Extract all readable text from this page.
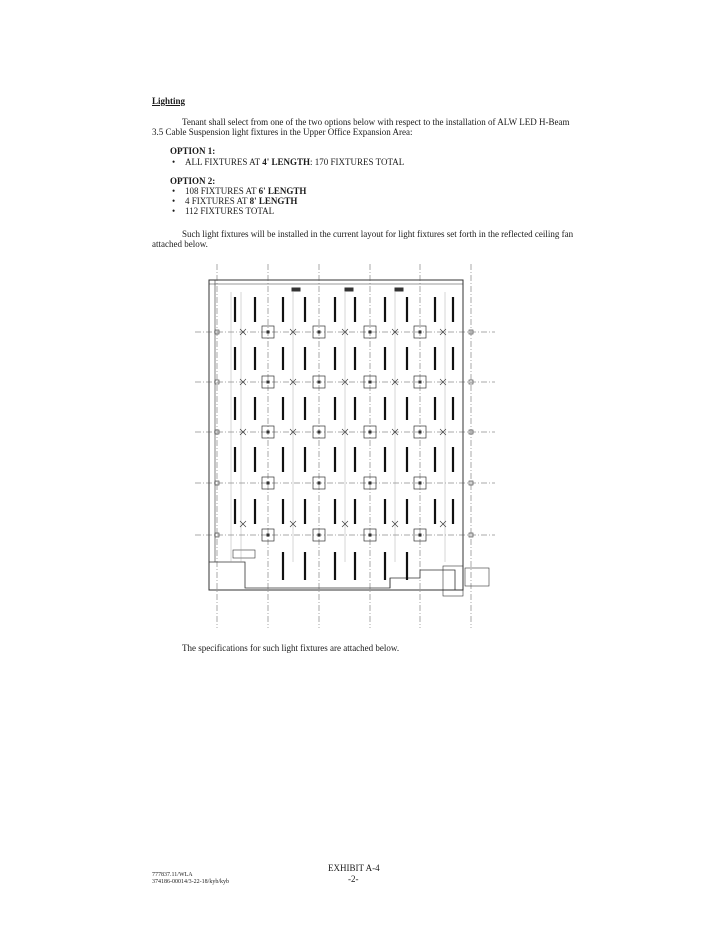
Lighting
Tenant shall select from one of the two options below with respect to the installation of ALW LED H-Beam
3.5 Cable Suspension light fixtures in the Upper Office Expansion Area:
OPTION 1:
• ALL FIXTURES AT 4' LENGTH: 170 FIXTURES TOTAL
OPTION 2:
• 108 FIXTURES AT 6' LENGTH
• 4 FIXTURES AT 8' LENGTH
• 112 FIXTURES TOTAL
Such light fixtures will be installed in the current layout for light fixtures set forth in the reflected ceiling fan
attached below.
The specifications for such light fixtures are attached below.
777837.11/WLA
374186-00014/3-22-18/kyb/kyb
EXHIBIT A-4
-2-
